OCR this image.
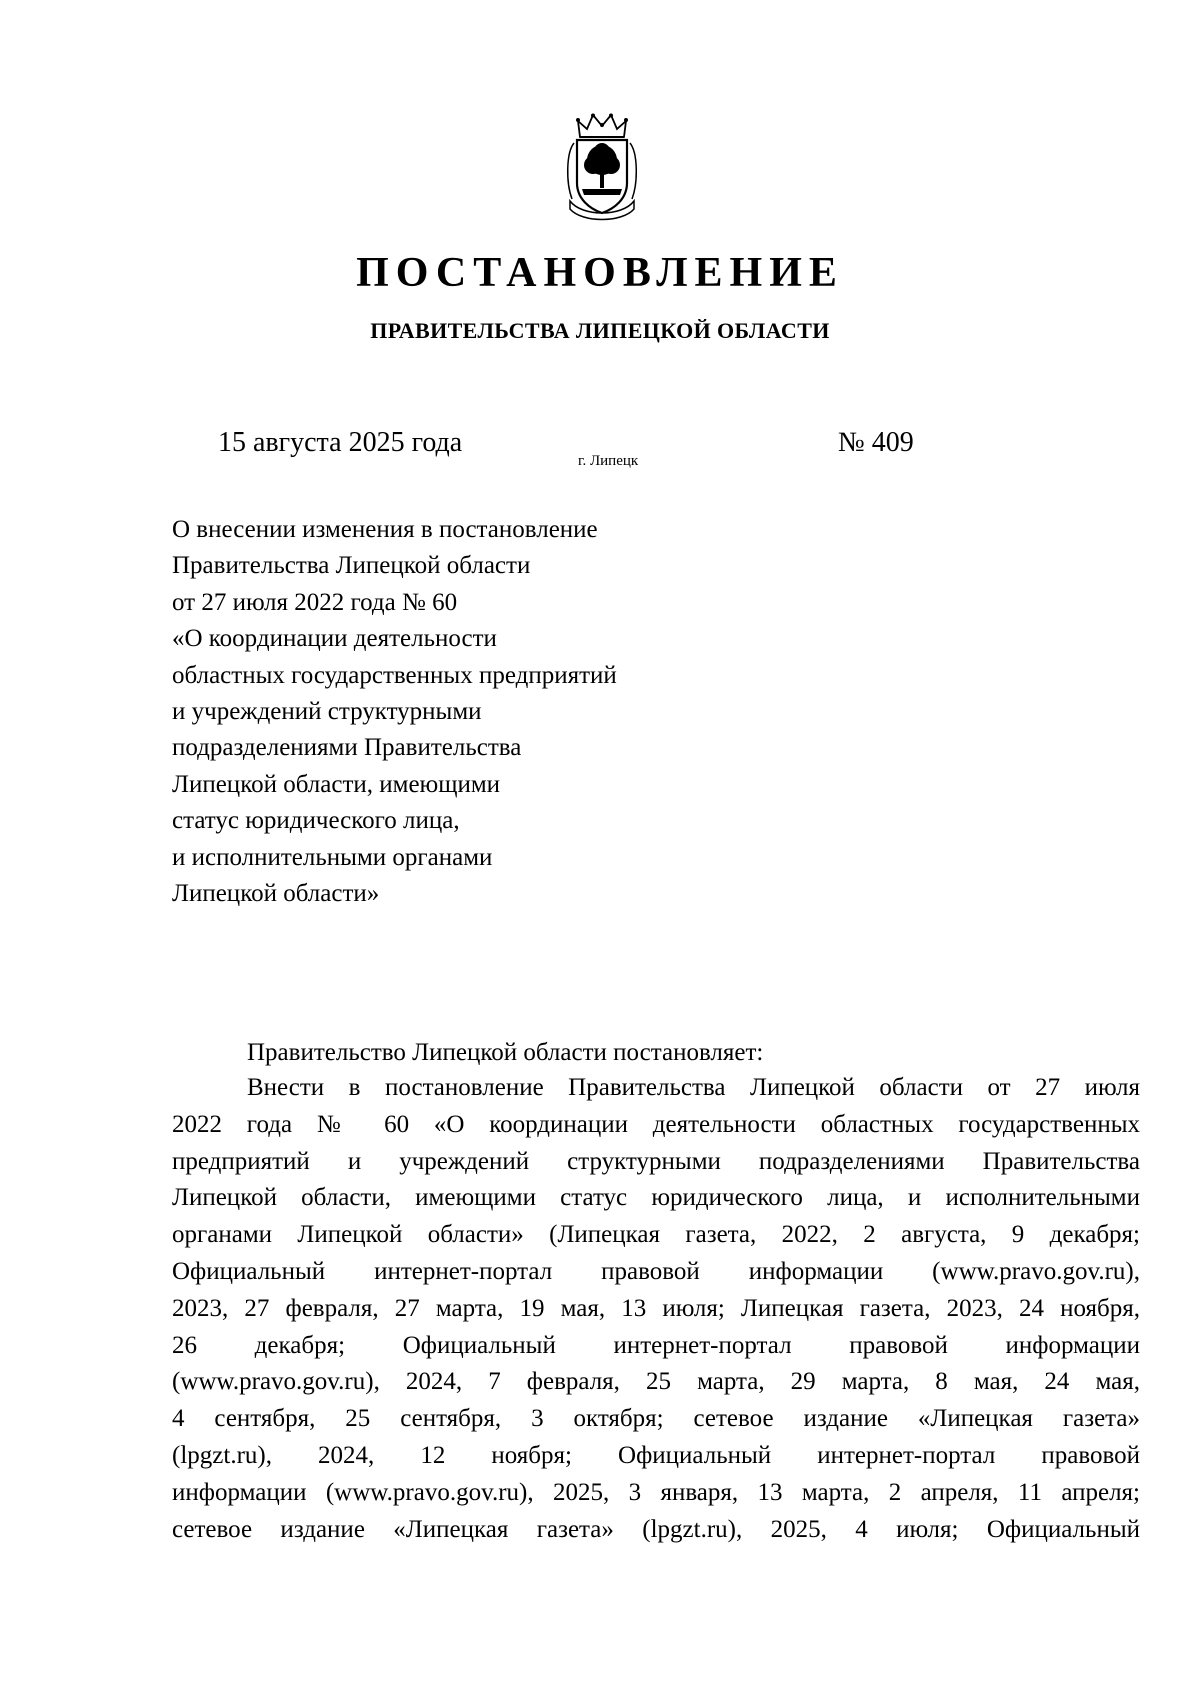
ПОСТАНОВЛЕНИЕ
ПРАВИТЕЛЬСТВА ЛИПЕЦКОЙ ОБЛАСТИ
15 августа 2025 года
г. Липецк
№ 409
О внесении изменения в постановление
Правительства Липецкой области
от 27 июля 2022 года № 60
«О координации деятельности
областных государственных предприятий
и учреждений структурными
подразделениями Правительства
Липецкой области, имеющими
статус юридического лица,
и исполнительными органами
Липецкой области»
Правительство Липецкой области постановляет:
Внести в постановление Правительства Липецкой области от 27 июля
2022 года № 60 «О координации деятельности областных государственных
предприятий и учреждений структурными подразделениями Правительства
Липецкой области, имеющими статус юридического лица, и исполнительными
органами Липецкой области» (Липецкая газета, 2022, 2 августа, 9 декабря;
Официальный интернет-портал правовой информации (www.pravo.gov.ru),
2023, 27 февраля, 27 марта, 19 мая, 13 июля; Липецкая газета, 2023, 24 ноября,
26 декабря; Официальный интернет-портал правовой информации
(www.pravo.gov.ru), 2024, 7 февраля, 25 марта, 29 марта, 8 мая, 24 мая,
4 сентября, 25 сентября, 3 октября; сетевое издание «Липецкая газета»
(lpgzt.ru), 2024, 12 ноября; Официальный интернет-портал правовой
информации (www.pravo.gov.ru), 2025, 3 января, 13 марта, 2 апреля, 11 апреля;
сетевое издание «Липецкая газета» (lpgzt.ru), 2025, 4 июля; Официальный
